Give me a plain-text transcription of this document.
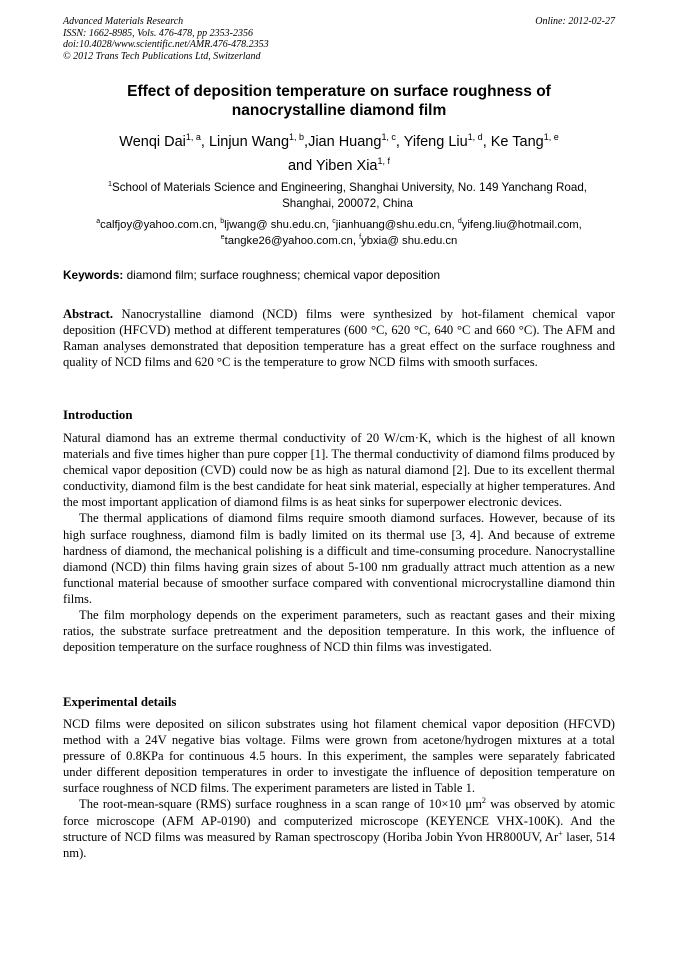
Advanced Materials Research
ISSN: 1662-8985, Vols. 476-478, pp 2353-2356
doi:10.4028/www.scientific.net/AMR.476-478.2353
© 2012 Trans Tech Publications Ltd, Switzerland
Online: 2012-02-27
Effect of deposition temperature on surface roughness of
nanocrystalline diamond film
Wenqi Dai$^{1, a}$, Linjun Wang$^{1, b}$,Jian Huang$^{1, c}$, Yifeng Liu$^{1, d}$, Ke Tang$^{1, e}$
and Yiben Xia$^{1, f}$
$^1$School of Materials Science and Engineering, Shanghai University, No. 149 Yanchang Road,
Shanghai, 200072, China
$^a$calfjoy@yahoo.com.cn, $^b$ljwang@ shu.edu.cn, $^c$jianhuang@shu.edu.cn, $^d$yifeng.liu@hotmail.com,
$^e$tangke26@yahoo.com.cn, $^f$ybxia@ shu.edu.cn
Keywords: diamond film; surface roughness; chemical vapor deposition
Abstract. Nanocrystalline diamond (NCD) films were synthesized by hot-filament chemical vapor deposition (HFCVD) method at different temperatures (600 °C, 620 °C, 640 °C and 660 °C). The AFM and Raman analyses demonstrated that deposition temperature has a great effect on the surface roughness and quality of NCD films and 620 °C is the temperature to grow NCD films with smooth surfaces.
Introduction

Natural diamond has an extreme thermal conductivity of 20 W/cm·K, which is the highest of all known materials and five times higher than pure copper [1]. The thermal conductivity of diamond films produced by chemical vapor deposition (CVD) could now be as high as natural diamond [2]. Due to its excellent thermal conductivity, diamond film is the best candidate for heat sink material, especially at higher temperatures. And the most important application of diamond films is as heat sinks for superpower electronic devices.

The thermal applications of diamond films require smooth diamond surfaces. However, because of its high surface roughness, diamond film is badly limited on its thermal use [3, 4]. And because of extreme hardness of diamond, the mechanical polishing is a difficult and time-consuming procedure. Nanocrystalline diamond (NCD) thin films having grain sizes of about 5-100 nm gradually attract much attention as a new functional material because of smoother surface compared with conventional microcrystalline diamond thin films.

The film morphology depends on the experiment parameters, such as reactant gases and their mixing ratios, the substrate surface pretreatment and the deposition temperature. In this work, the influence of deposition temperature on the surface roughness of NCD thin films was investigated.

Experimental details

NCD films were deposited on silicon substrates using hot filament chemical vapor deposition (HFCVD) method with a 24V negative bias voltage. Films were grown from acetone/hydrogen mixtures at a total pressure of 0.8KPa for continuous 4.5 hours. In this experiment, the samples were separately fabricated under different deposition temperatures in order to investigate the influence of deposition temperature on surface roughness of NCD films. The experiment parameters are listed in Table 1.

The root-mean-square (RMS) surface roughness in a scan range of 10×10 $\mu m^2$ was observed by atomic force microscope (AFM AP-0190) and computerized microscope (KEYENCE VHX-100K). And the structure of NCD films was measured by Raman spectroscopy (Horiba Jobin Yvon HR800UV, Ar+ laser, 514 nm).
